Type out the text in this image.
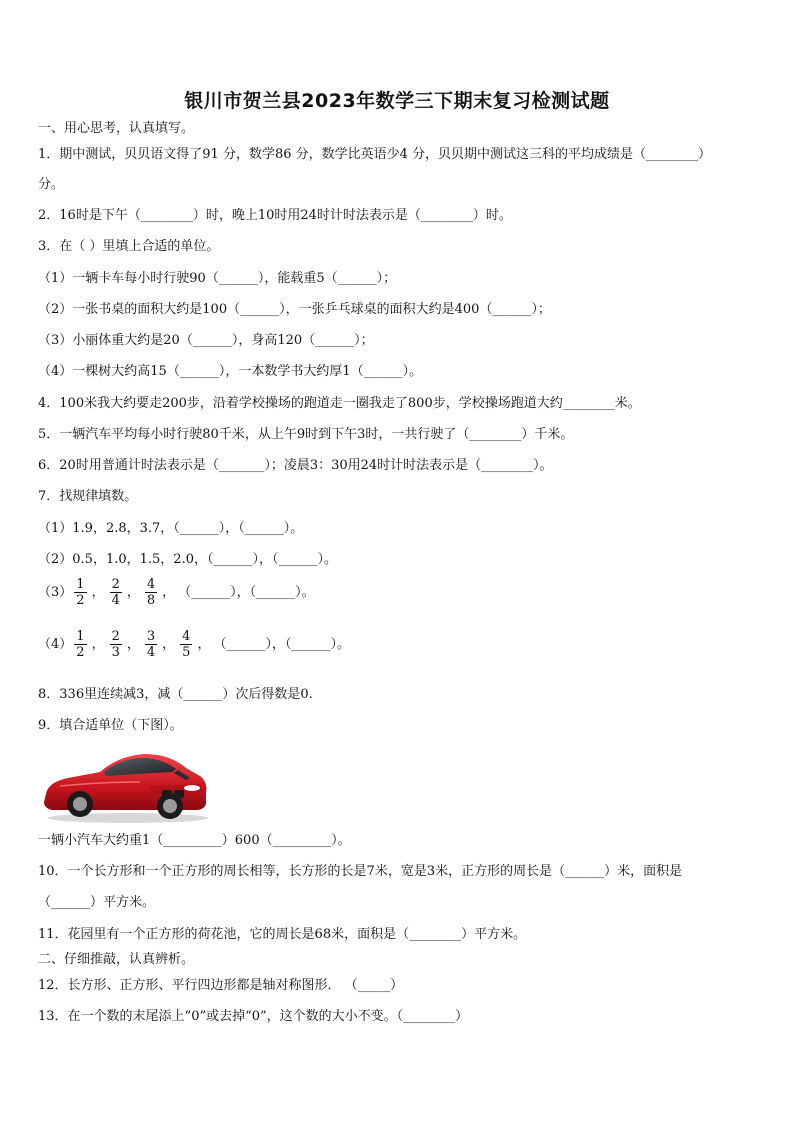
银川市贺兰县2023年数学三下期末复习检测试题
一、用心思考，认真填写。
1．期中测试，贝贝语文得了91 分，数学86 分，数学比英语少4 分，贝贝期中测试这三科的平均成绩是（________）
分。
2．16时是下午（________）时，晚上10时用24时计时法表示是（________）时。
3．在（ ）里填上合适的单位。
（1）一辆卡车每小时行驶90（______），能载重5（______）；
（2）一张书桌的面积大约是100（______），一张乒乓球桌的面积大约是400（______）；
（3）小丽体重大约是20（______），身高120（______）；
（4）一棵树大约高15（______），一本数学书大约厚1（______）。
4．100米我大约要走200步，沿着学校操场的跑道走一圈我走了800步，学校操场跑道大约________米。
5．一辆汽车平均每小时行驶80千米，从上午9时到下午3时，一共行驶了（________）千米。
6．20时用普通计时法表示是（_______）；凌晨3：30用24时计时法表示是（________）。
7．找规律填数。
（1）1.9，2.8，3.7，（______），（______）。
（2）0.5，1.0，1.5，2.0，（______），（______）。
$(3) \frac{1}{2}$ ， $\frac{2}{4}$ ， $\frac{4}{8}$ ， （______），（______）。
$(4) \frac{1}{2}$ ， $\frac{2}{3}$ ， $\frac{3}{4}$ ， $\frac{4}{5}$ ， （______），（______）。
8．336里连续减3，减（______）次后得数是0.
9．填合适单位（下图）。
一辆小汽车大约重1（_________）600（_________）。
10．一个长方形和一个正方形的周长相等，长方形的长是7米，宽是3米，正方形的周长是（______）米，面积是
（______）平方米。
11．花园里有一个正方形的荷花池，它的周长是68米，面积是（________）平方米。
二、仔细推敲，认真辨析。
12．长方形、正方形、平行四边形都是轴对称图形． （_____）
13．在一个数的末尾添上“0”或去掉“0”，这个数的大小不变。（________）
